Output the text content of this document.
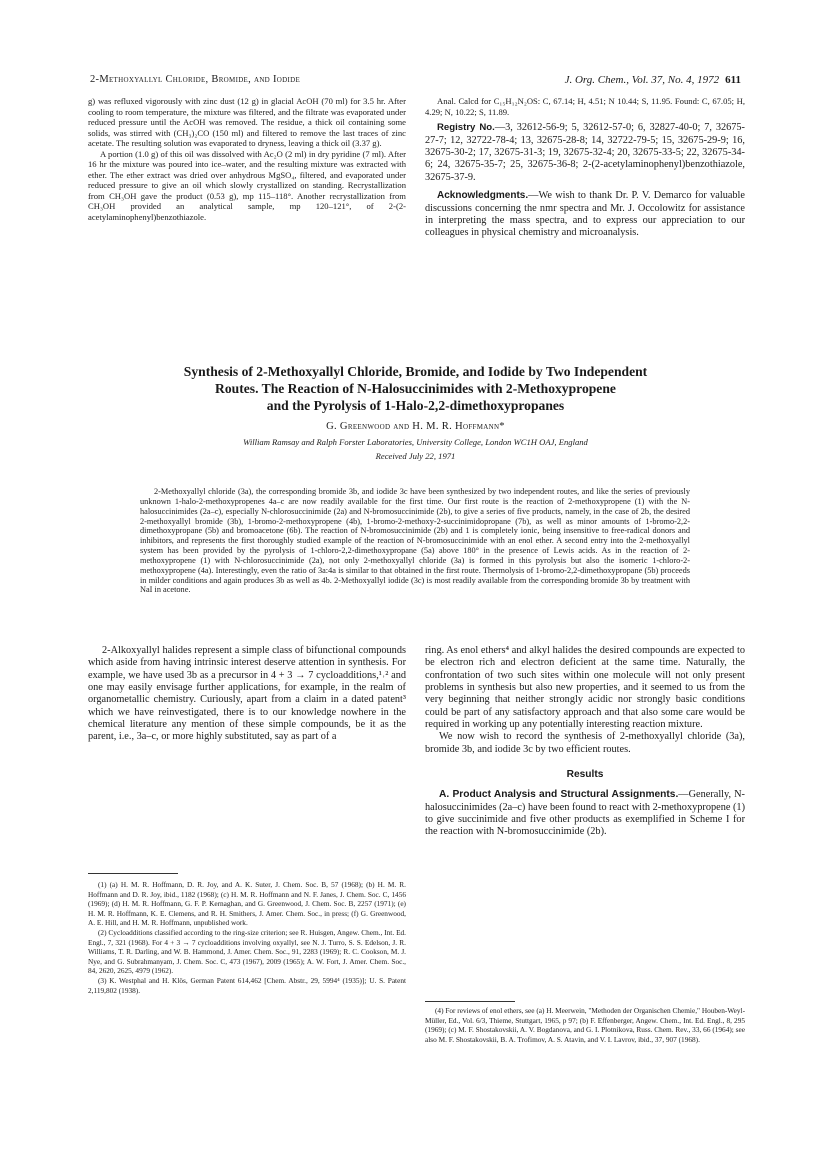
2-Methoxyallyl Chloride, Bromide, and Iodide	J. Org. Chem., Vol. 37, No. 4, 1972 611

g) was refluxed vigorously with zinc dust (12 g) in glacial AcOH (70 ml) for 3.5 hr. After cooling to room temperature, the mixture was filtered, and the filtrate was evaporated under reduced pressure until the AcOH was removed. The residue, a thick oil containing some solids, was stirred with (CH₃)₂CO (150 ml) and filtered to remove the last traces of zinc acetate. The resulting solution was evaporated to dryness, leaving a thick oil (3.37 g).

A portion (1.0 g) of this oil was dissolved with Ac₂O (2 ml) in dry pyridine (7 ml). After 16 hr the mixture was poured into ice–water, and the resulting mixture was extracted with ether. The ether extract was dried over anhydrous MgSO₄, filtered, and evaporated under reduced pressure to give an oil which slowly crystallized on standing. Recrystallization from CH₃OH gave the product (0.53 g), mp 115–118°. Another recrystallization from CH₃OH provided an analytical sample, mp 120–121°, of 2-(2-acetylaminophenyl)benzothiazole.

Anal. Calcd for C₁₅H₁₂N₂OS: C, 67.14; H, 4.51; N 10.44; S, 11.95. Found: C, 67.05; H, 4.29; N, 10.22; S, 11.89.

Registry No.—3, 32612-56-9; 5, 32612-57-0; 6, 32827-40-0; 7, 32675-27-7; 12, 32722-78-4; 13, 32675-28-8; 14, 32722-79-5; 15, 32675-29-9; 16, 32675-30-2; 17, 32675-31-3; 19, 32675-32-4; 20, 32675-33-5; 22, 32675-34-6; 24, 32675-35-7; 25, 32675-36-8; 2-(2-acetylaminophenyl)benzothiazole, 32675-37-9.

Acknowledgments.—We wish to thank Dr. P. V. Demarco for valuable discussions concerning the nmr spectra and Mr. J. Occolowitz for assistance in interpreting the mass spectra, and to express our appreciation to our colleagues in physical chemistry and microanalysis.

Synthesis of 2-Methoxyallyl Chloride, Bromide, and Iodide by Two Independent
Routes. The Reaction of N-Halosuccinimides with 2-Methoxypropene
and the Pyrolysis of 1-Halo-2,2-dimethoxypropanes

G. Greenwood and H. M. R. Hoffmann*
William Ramsay and Ralph Forster Laboratories, University College, London WC1H OAJ, England
Received July 22, 1971
2-Methoxyallyl chloride (3a), the corresponding bromide 3b, and iodide 3c have been synthesized by two independent routes, and like the series of previously unknown 1-halo-2-methoxypropenes 4a–c are now readily available for the first time. Our first route is the reaction of 2-methoxypropene (1) with the N-halosuccinimides (2a–c), especially N-chlorosuccinimide (2a) and N-bromosuccinimide (2b), to give a series of five products, namely, in the case of 2b, the desired 2-methoxyallyl bromide (3b), 1-bromo-2-methoxypropene (4b), 1-bromo-2-methoxy-2-succinimidopropane (7b), as well as minor amounts of 1-bromo-2,2-dimethoxypropane (5b) and bromoacetone (6b). The reaction of N-bromosuccinimide (2b) and 1 is completely ionic, being insensitive to free-radical donors and inhibitors, and represents the first thoroughly studied example of the reaction of N-bromosuccinimide with an enol ether. A second entry into the 2-methoxyallyl system has been provided by the pyrolysis of 1-chloro-2,2-dimethoxypropane (5a) above 180° in the presence of Lewis acids. As in the reaction of 2-methoxypropene (1) with N-chlorosuccinimide (2a), not only 2-methoxyallyl chloride (3a) is formed in this pyrolysis but also the isomeric 1-chloro-2-methoxypropene (4a). Interestingly, even the ratio of 3a:4a is similar to that obtained in the first route. Thermolysis of 1-bromo-2,2-dimethoxypropane (5b) proceeds in milder conditions and again produces 3b as well as 4b. 2-Methoxyallyl iodide (3c) is most readily available from the corresponding bromide 3b by treatment with NaI in acetone.
2-Alkoxyallyl halides represent a simple class of bifunctional compounds which aside from having intrinsic interest deserve attention in synthesis. For example, we have used 3b as a precursor in 4 + 3 → 7 cycloadditions,¹˒² and one may easily envisage further applications, for example, in the realm of organometallic chemistry. Curiously, apart from a claim in a dated patent³ which we have reinvestigated, there is to our knowledge nowhere in the chemical literature any mention of these simple compounds, be it as the parent, i.e., 3a–c, or more highly substituted, say as part of a

ring. As enol ethers⁴ and alkyl halides the desired compounds are expected to be electron rich and electron deficient at the same time. Naturally, the confrontation of two such sites within one molecule will not only present problems in synthesis but also new properties, and it seemed to us from the very beginning that neither strongly acidic nor strongly basic conditions could be part of any satisfactory approach and that also some care would be required in working up any potentially interesting reaction mixture.

We now wish to record the synthesis of 2-methoxyallyl chloride (3a), bromide 3b, and iodide 3c by two efficient routes.

Results

A. Product Analysis and Structural Assignments.—Generally, N-halosuccinimides (2a–c) have been found to react with 2-methoxypropene (1) to give succinimide and five other products as exemplified in Scheme I for the reaction with N-bromosuccinimide (2b).

(1) (a) H. M. R. Hoffmann, D. R. Joy, and A. K. Suter, J. Chem. Soc. B, 57 (1968); (b) H. M. R. Hoffmann and D. R. Joy, ibid., 1182 (1968); (c) H. M. R. Hoffmann and N. F. Janes, J. Chem. Soc. C, 1456 (1969); (d) H. M. R. Hoffmann, G. F. P. Kernaghan, and G. Greenwood, J. Chem. Soc. B, 2257 (1971); (e) H. M. R. Hoffmann, K. E. Clemens, and R. H. Smithers, J. Amer. Chem. Soc., in press; (f) G. Greenwood, A. E. Hill, and H. M. R. Hoffmann, unpublished work.

(2) Cycloadditions classified according to the ring-size criterion; see R. Huisgen, Angew. Chem., Int. Ed. Engl., 7, 321 (1968). For 4 + 3 → 7 cycloadditions involving oxyallyl, see N. J. Turro, S. S. Edelson, J. R. Williams, T. R. Darling, and W. B. Hammond, J. Amer. Chem. Soc., 91, 2283 (1969); R. C. Cookson, M. J. Nye, and G. Subrahmanyam, J. Chem. Soc. C, 473 (1967), 2009 (1965); A. W. Fort, J. Amer. Chem. Soc., 84, 2620, 2625, 4979 (1962).

(3) K. Westphal and H. Klös, German Patent 614,462 [Chem. Abstr., 29, 5994⁴ (1935)]; U. S. Patent 2,119,802 (1938).

(4) For reviews of enol ethers, see (a) H. Meerwein, "Methoden der Organischen Chemie," Houben-Weyl-Müller, Ed., Vol. 6/3, Thieme, Stuttgart, 1965, p 97; (b) F. Effenberger, Angew. Chem., Int. Ed. Engl., 8, 295 (1969); (c) M. F. Shostakovskii, A. V. Bogdanova, and G. I. Plotnikova, Russ. Chem. Rev., 33, 66 (1964); see also M. F. Shostakovskii, B. A. Trofimov, A. S. Atavin, and V. I. Lavrov, ibid., 37, 907 (1968).
